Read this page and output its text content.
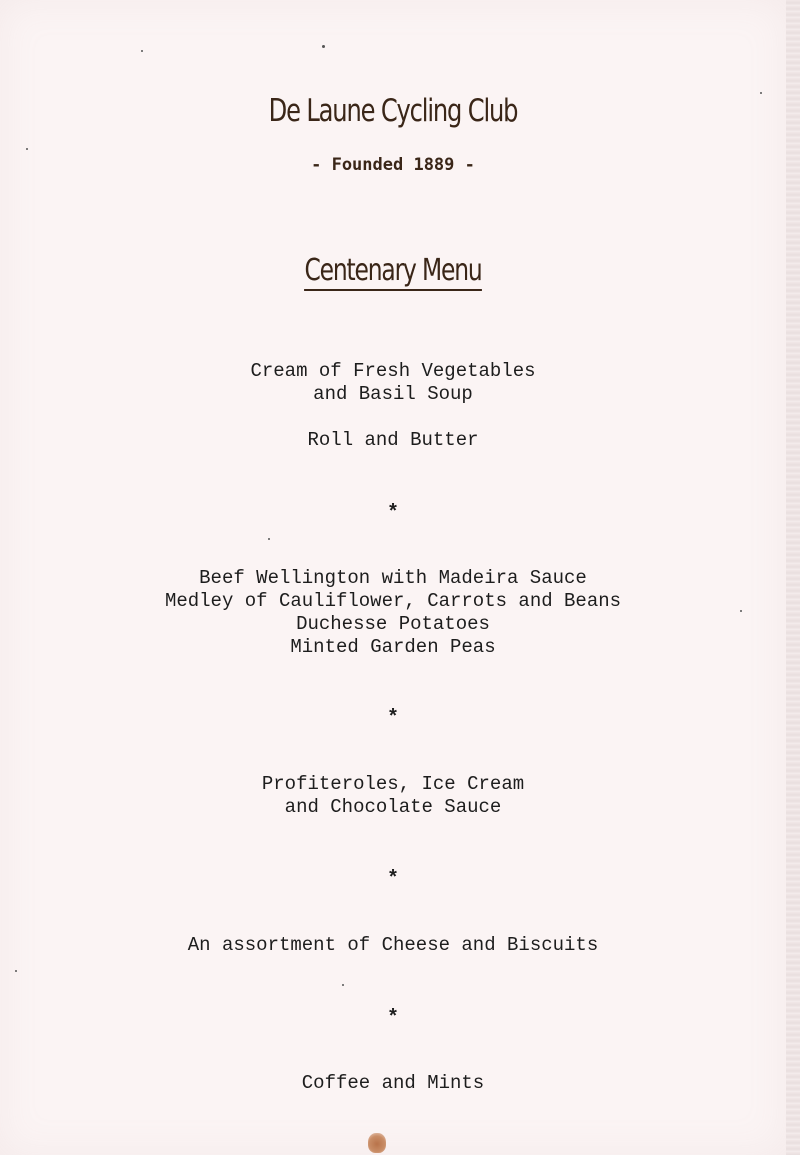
De Laune Cycling Club
- Founded 1889 -
Centenary Menu
Cream of Fresh Vegetables
and Basil Soup
Roll and Butter
*
Beef Wellington with Madeira Sauce
Medley of Cauliflower, Carrots and Beans
Duchesse Potatoes
Minted Garden Peas
*
Profiteroles, Ice Cream
and Chocolate Sauce
*
An assortment of Cheese and Biscuits
*
Coffee and Mints
